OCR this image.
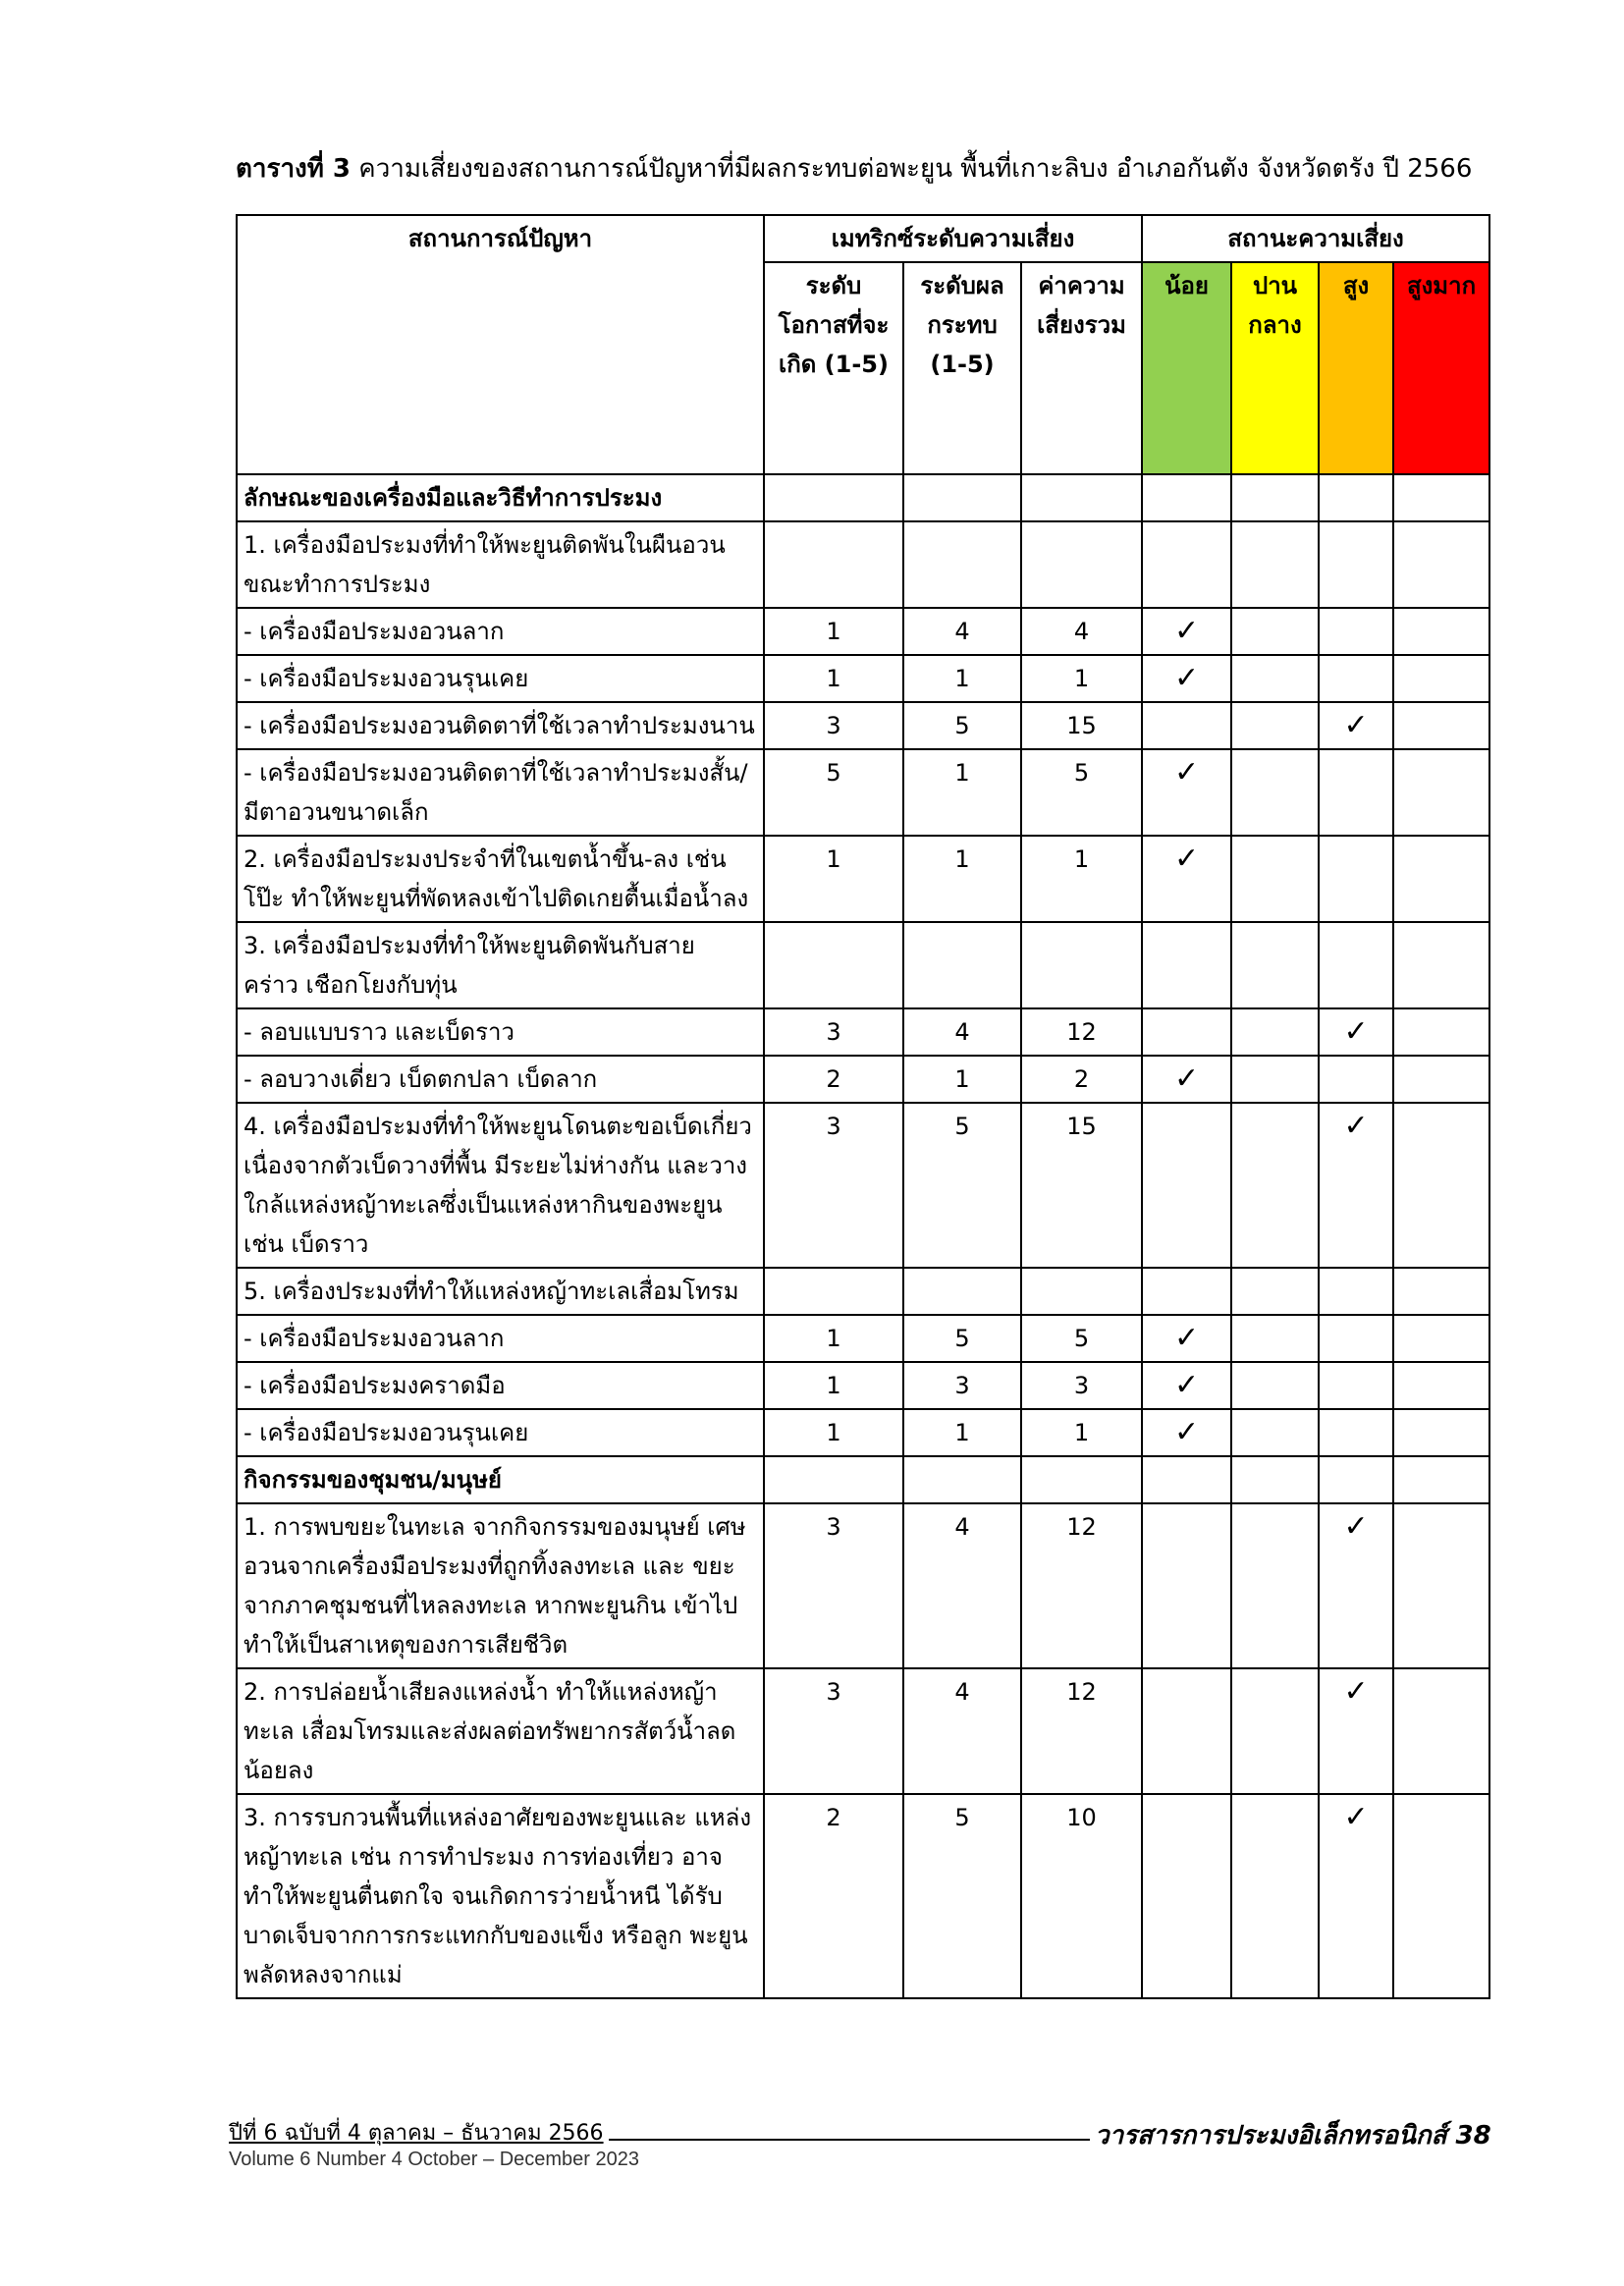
ตารางที่ 3 ความเสี่ยงของสถานการณ์ปัญหาที่มีผลกระทบต่อพะยูน พื้นที่เกาะลิบง อำเภอกันตัง จังหวัดตรัง ปี 2566
สถานการณ์ปัญหา	เมทริกซ์ระดับความเสี่ยง			สถานะความเสี่ยง			
	ระดับ โอกาสที่จะ เกิด (1-5)	ระดับผล กระทบ (1-5)	ค่าความ เสี่ยงรวม	น้อย	ปาน กลาง	สูง	สูงมาก
ลักษณะของเครื่องมือและวิธีทำการประมง							
1. เครื่องมือประมงที่ทำให้พะยูนติดพันในผืนอวน ขณะทำการประมง							
- เครื่องมือประมงอวนลาก	1	4	4	✓			
- เครื่องมือประมงอวนรุนเคย	1	1	1	✓			
- เครื่องมือประมงอวนติดตาที่ใช้เวลาทำประมงนาน	3	5	15			✓	
- เครื่องมือประมงอวนติดตาที่ใช้เวลาทำประมงสั้น/ มีตาอวนขนาดเล็ก	5	1	5	✓			
2. เครื่องมือประมงประจำที่ในเขตน้ำขึ้น-ลง เช่น โป๊ะ ทำให้พะยูนที่พัดหลงเข้าไปติดเกยตื้นเมื่อน้ำลง	1	1	1	✓			
3. เครื่องมือประมงที่ทำให้พะยูนติดพันกับสาย คร่าว เชือกโยงกับทุ่น							
- ลอบแบบราว และเบ็ดราว	3	4	12			✓	
- ลอบวางเดี่ยว เบ็ดตกปลา เบ็ดลาก	2	1	2	✓			
4. เครื่องมือประมงที่ทำให้พะยูนโดนตะขอเบ็ดเกี่ยว เนื่องจากตัวเบ็ดวางที่พื้น มีระยะไม่ห่างกัน และวาง ใกล้แหล่งหญ้าทะเลซึ่งเป็นแหล่งหากินของพะยูน เช่น เบ็ดราว	3	5	15			✓	
5. เครื่องประมงที่ทำให้แหล่งหญ้าทะเลเสื่อมโทรม							
- เครื่องมือประมงอวนลาก	1	5	5	✓			
- เครื่องมือประมงคราดมือ	1	3	3	✓			
- เครื่องมือประมงอวนรุนเคย	1	1	1	✓			
กิจกรรมของชุมชน/มนุษย์							
1. การพบขยะในทะเล จากกิจกรรมของมนุษย์ เศษอวนจากเครื่องมือประมงที่ถูกทิ้งลงทะเล และ ขยะจากภาคชุมชนที่ไหลลงทะเล หากพะยูนกิน เข้าไปทำให้เป็นสาเหตุของการเสียชีวิต	3	4	12			✓	
2. การปล่อยน้ำเสียลงแหล่งน้ำ ทำให้แหล่งหญ้าทะเล เสื่อมโทรมและส่งผลต่อทรัพยากรสัตว์น้ำลดน้อยลง	3	4	12			✓	
3. การรบกวนพื้นที่แหล่งอาศัยของพะยูนและ แหล่งหญ้าทะเล เช่น การทำประมง การท่องเที่ยว อาจทำให้พะยูนตื่นตกใจ จนเกิดการว่ายน้ำหนี ได้รับบาดเจ็บจากการกระแทกกับของแข็ง หรือลูก พะยูนพลัดหลงจากแม่	2	5	10			✓	
ปีที่ 6 ฉบับที่ 4 ตุลาคม – ธันวาคม 2566	วารสารการประมงอิเล็กทรอนิกส์ 38
Volume 6 Number 4 October – December 2023
